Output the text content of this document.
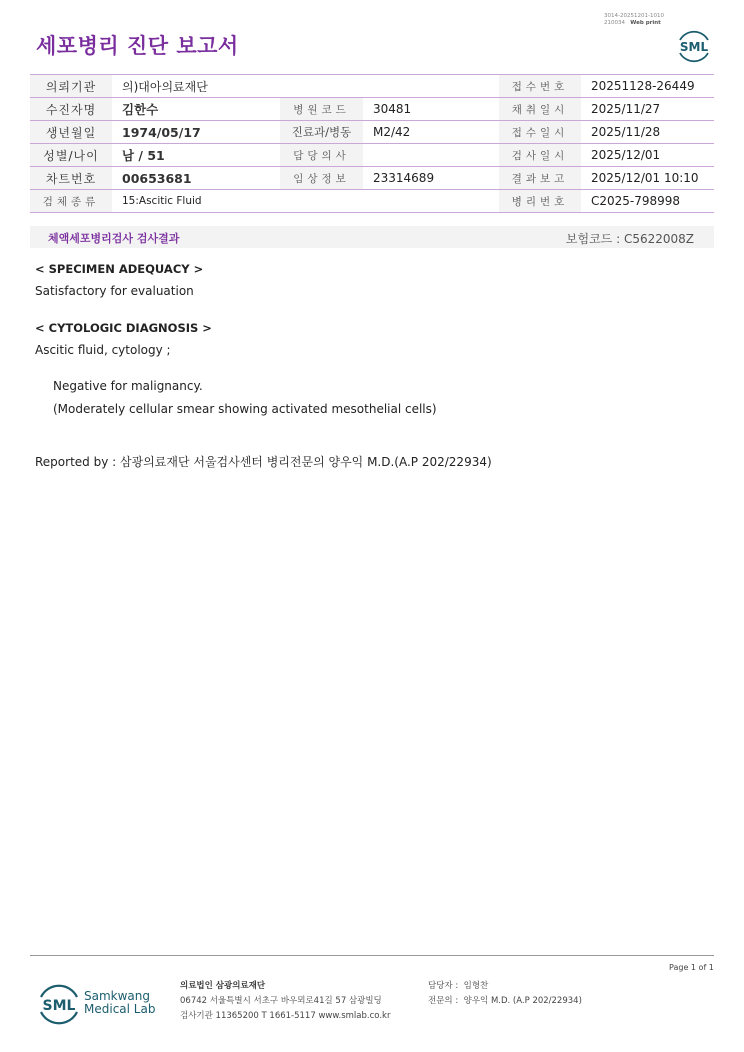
세포병리 진단 보고서
3014-20251201-1010
210034 Web print
SML
의뢰기관	의)대아의료재단			접수번호	20251128-26449
수진자명	김한수	병원코드	30481	채취일시	2025/11/27
생년월일	1974/05/17	진료과/병동	M2/42	접수일시	2025/11/28
성별/나이	남 / 51	담당의사		검사일시	2025/12/01
차트번호	00653681	임상정보	23314689	결과보고	2025/12/01 10:10
검체종류	15:Ascitic Fluid			병리번호	C2025-798998
체액세포병리검사 검사결과	보험코드 : C5622008Z
< SPECIMEN ADEQUACY >
Satisfactory for evaluation
< CYTOLOGIC DIAGNOSIS >
Ascitic fluid, cytology ;
Negative for malignancy.
(Moderately cellular smear showing activated mesothelial cells)
Reported by : 삼광의료재단 서울검사센터 병리전문의 양우익 M.D.(A.P 202/22934)
Page 1 of 1
SML
Samkwang
Medical Lab
의료법인 삼광의료재단
06742 서울특별시 서초구 바우뫼로41길 57 삼광빌딩
검사기관 11365200 T 1661-5117 www.smlab.co.kr
담당자 : 임형찬
전문의 : 양우익 M.D. (A.P 202/22934)
